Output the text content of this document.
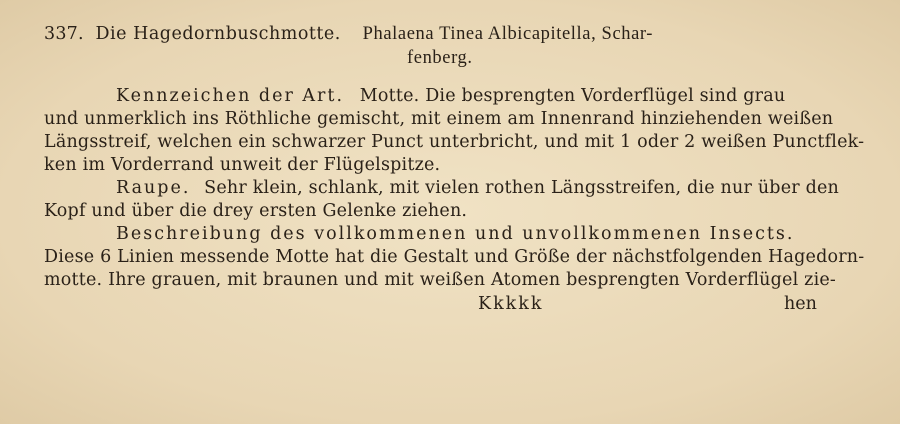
337. Die Hagedornbuschmotte. Phalaena Tinea Albicapitella, Schar-
fenberg.
Kennzeichen der Art. Motte. Die besprengten Vorderflügel sind grau
und unmerklich ins Röthliche gemischt, mit einem am Innenrand hinziehenden weißen
Längsstreif, welchen ein schwarzer Punct unterbricht, und mit 1 oder 2 weißen Punctflek-
ken im Vorderrand unweit der Flügelspitze.
Raupe. Sehr klein, schlank, mit vielen rothen Längsstreifen, die nur über den
Kopf und über die drey ersten Gelenke ziehen.
Beschreibung des vollkommenen und unvollkommenen Insects.
Diese 6 Linien messende Motte hat die Gestalt und Größe der nächstfolgenden Hagedorn-
motte. Ihre grauen, mit braunen und mit weißen Atomen besprengten Vorderflügel zie-
Kkkkk	hen
